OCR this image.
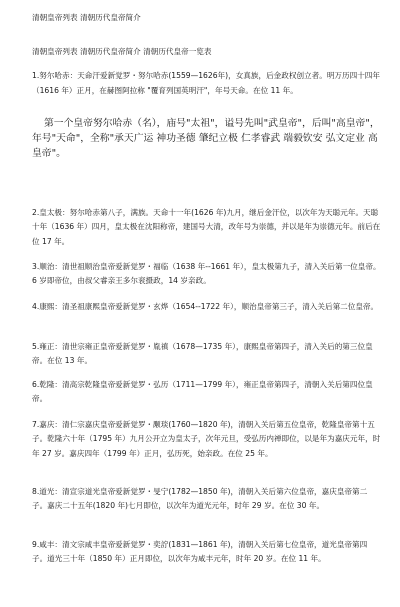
清朝皇帝列表 清朝历代皇帝简介

清朝皇帝列表 清朝历代皇帝简介 清朝历代皇帝一览表

1.努尔哈赤：天命汗爱新觉罗・努尔哈赤(1559—1626年)，女真族，后金政权创立者。明万历四十四年（1616 年）正月，在赫图阿拉称 "覆育列国英明汗"，年号天命。在位 11 年。

第一个皇帝努尔哈赤（名），庙号"太祖"，谥号先叫"武皇帝"，后叫"高皇帝"，年号"天命"，全称"承天广运 神功圣德 肇纪立极 仁孝睿武 端毅钦安 弘文定业 高皇帝"。

2.皇太极：努尔哈赤第八子，满族。天命十一年(1626 年)九月，继后金汗位，以次年为天聪元年。天聪十年（1636 年）四月，皇太极在沈阳称帝，建国号大清，改年号为崇德，并以是年为崇德元年。前后在位 17 年。

3.顺治：清世祖顺治皇帝爱新觉罗・福临（1638 年--1661 年），皇太极第九子，清入关后第一位皇帝。6 岁即帝位，由叔父睿亲王多尔衮摄政，14 岁亲政。

4.康熙：清圣祖康熙皇帝爱新觉罗・玄烨（1654--1722 年），顺治皇帝第三子，清入关后第二位皇帝。

5.雍正：清世宗雍正皇帝爱新觉罗・胤禛（1678—1735 年），康熙皇帝第四子，清入关后的第三位皇帝。在位 13 年。

6.乾隆：清高宗乾隆皇帝爱新觉罗・弘历（1711—1799 年），雍正皇帝第四子，清朝入关后第四位皇帝。

7.嘉庆：清仁宗嘉庆皇帝爱新觉罗・颙琰(1760—1820 年)，清朝入关后第五位皇帝，乾隆皇帝第十五子。乾隆六十年（1795 年）九月公开立为皇太子，次年元旦，受弘历内禅即位，以是年为嘉庆元年，时年 27 岁。嘉庆四年（1799 年）正月，弘历死，始亲政。在位 25 年。

8.道光：清宣宗道光皇帝爱新觉罗・旻宁(1782—1850 年)，清朝入关后第六位皇帝，嘉庆皇帝第二子。嘉庆二十五年(1820 年)七月即位，以次年为道光元年，时年 29 岁。在位 30 年。

9.咸丰：清文宗咸丰皇帝爱新觉罗・奕詝(1831—1861 年)，清朝入关后第七位皇帝，道光皇帝第四子。道光三十年（1850 年）正月即位，以次年为咸丰元年，时年 20 岁。在位 11 年。
